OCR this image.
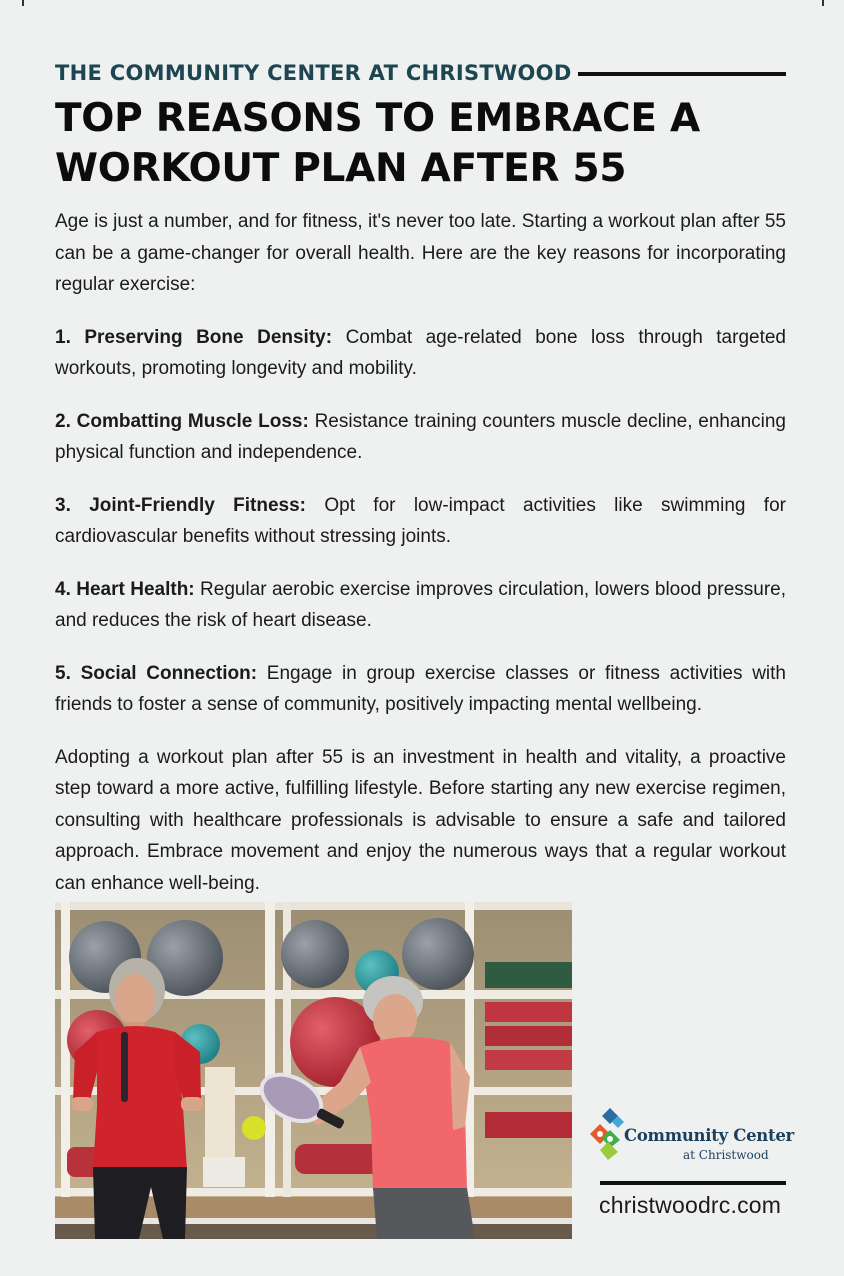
THE COMMUNITY CENTER AT CHRISTWOOD
TOP REASONS TO EMBRACE A
WORKOUT PLAN AFTER 55

Age is just a number, and for fitness, it's never too late. Starting a workout plan after 55 can be a game-changer for overall health. Here are the key reasons for incorporating regular exercise:

1. Preserving Bone Density: Combat age-related bone loss through targeted workouts, promoting longevity and mobility.

2. Combatting Muscle Loss: Resistance training counters muscle decline, enhancing physical function and independence.

3. Joint-Friendly Fitness: Opt for low-impact activities like swimming for cardiovascular benefits without stressing joints.

4. Heart Health: Regular aerobic exercise improves circulation, lowers blood pressure, and reduces the risk of heart disease.

5. Social Connection: Engage in group exercise classes or fitness activities with friends to foster a sense of community, positively impacting mental wellbeing.

Adopting a workout plan after 55 is an investment in health and vitality, a proactive step toward a more active, fulfilling lifestyle. Before starting any new exercise regimen, consulting with healthcare professionals is advisable to ensure a safe and tailored approach. Embrace movement and enjoy the numerous ways that a regular workout can enhance well-being.

Community Center
at Christwood
christwoodrc.com
